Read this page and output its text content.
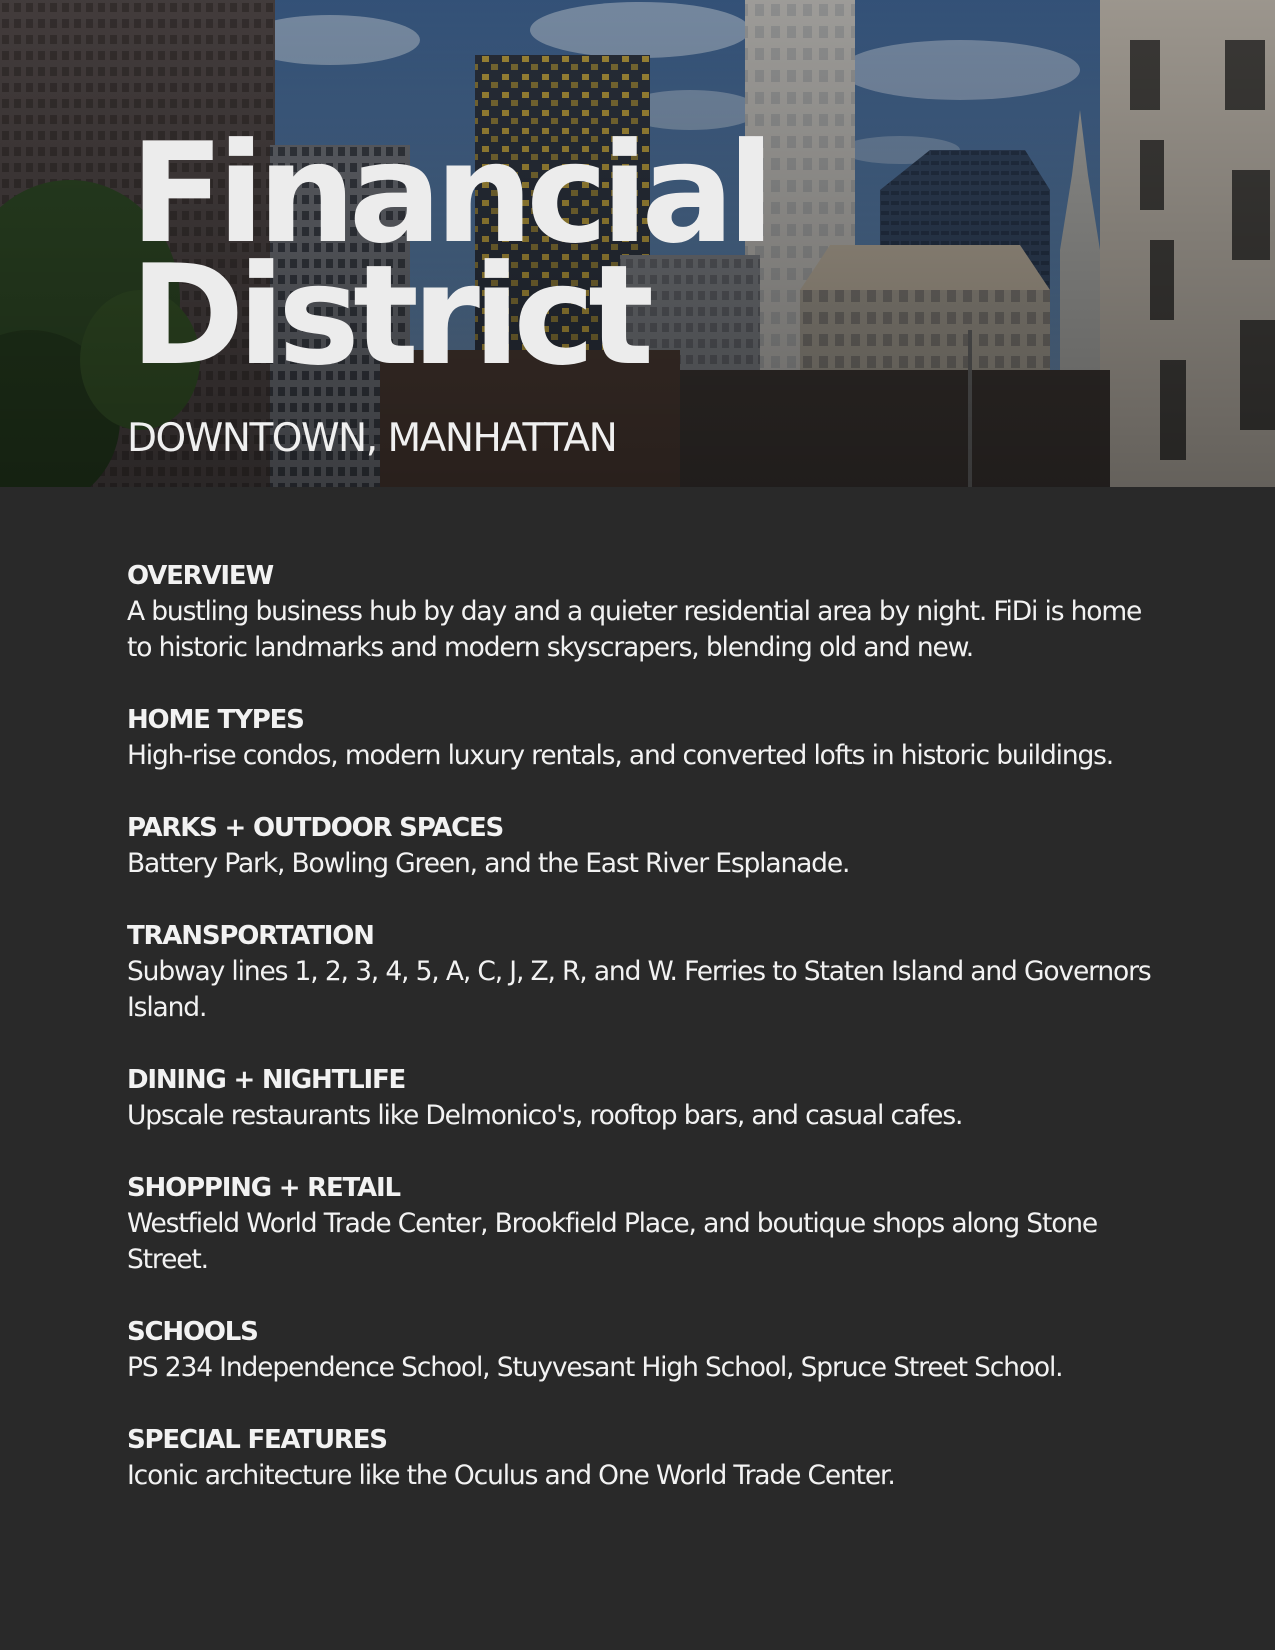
Financial
District

DOWNTOWN, MANHATTAN

OVERVIEW

A bustling business hub by day and a quieter residential area by night. FiDi is home to historic landmarks and modern skyscrapers, blending old and new.

HOME TYPES

High-rise condos, modern luxury rentals, and converted lofts in historic buildings.

PARKS + OUTDOOR SPACES

Battery Park, Bowling Green, and the East River Esplanade.

TRANSPORTATION

Subway lines 1, 2, 3, 4, 5, A, C, J, Z, R, and W. Ferries to Staten Island and Governors Island.

DINING + NIGHTLIFE

Upscale restaurants like Delmonico's, rooftop bars, and casual cafes.

SHOPPING + RETAIL

Westfield World Trade Center, Brookfield Place, and boutique shops along Stone Street.

SCHOOLS

PS 234 Independence School, Stuyvesant High School, Spruce Street School.

SPECIAL FEATURES

Iconic architecture like the Oculus and One World Trade Center.
